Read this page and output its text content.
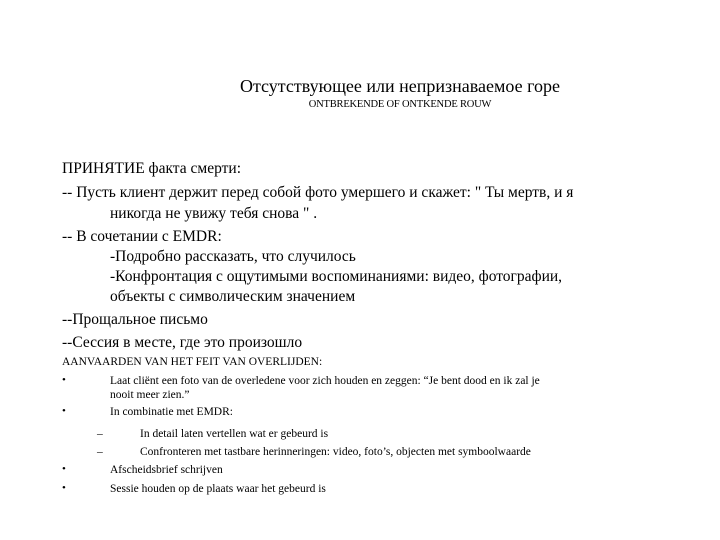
Отсутствующее или непризнаваемое горе
ONTBREKENDE OF ONTKENDE ROUW
ПРИНЯТИЕ факта смерти:
-- Пусть клиент держит перед собой фото умершего и скажет: " Ты мертв, и я
никогда не увижу тебя снова " .
-- В сочетании с EMDR:
-Подробно рассказать, что случилось
-Конфронтация с ощутимыми воспоминаниями: видео, фотографии,
объекты с символическим значением
--Прощальное письмо
--Сессия в месте, где это произошло
AANVAARDEN VAN HET FEIT VAN OVERLIJDEN:
•	Laat cliënt een foto van de overledene voor zich houden en zeggen: “Je bent dood en ik zal je
nooit meer zien.”
•	In combinatie met EMDR:
–	In detail laten vertellen wat er gebeurd is
–	Confronteren met tastbare herinneringen: video, foto’s, objecten met symboolwaarde
•	Afscheidsbrief schrijven
•	Sessie houden op de plaats waar het gebeurd is
